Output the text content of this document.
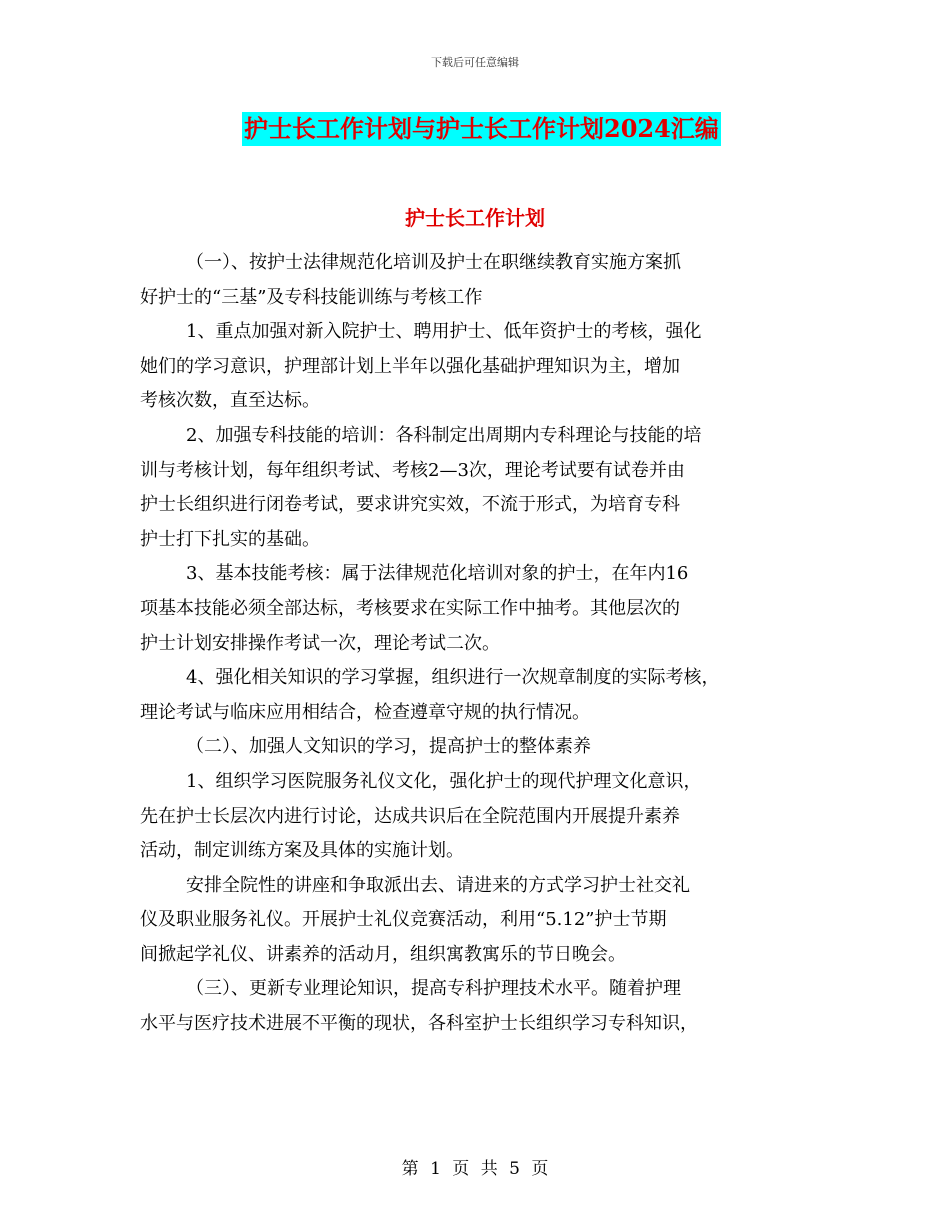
下载后可任意编辑
护士长工作计划与护士长工作计划2024汇编
护士长工作计划
（一）、按护士法律规范化培训及护士在职继续教育实施方案抓
好护士的“三基”及专科技能训练与考核工作
1、重点加强对新入院护士、聘用护士、低年资护士的考核，强化
她们的学习意识，护理部计划上半年以强化基础护理知识为主，增加
考核次数，直至达标。
2、加强专科技能的培训：各科制定出周期内专科理论与技能的培
训与考核计划，每年组织考试、考核2—3次，理论考试要有试卷并由
护士长组织进行闭卷考试，要求讲究实效，不流于形式，为培育专科
护士打下扎实的基础。
3、基本技能考核：属于法律规范化培训对象的护士，在年内16
项基本技能必须全部达标，考核要求在实际工作中抽考。其他层次的
护士计划安排操作考试一次，理论考试二次。
4、强化相关知识的学习掌握，组织进行一次规章制度的实际考核，
理论考试与临床应用相结合，检查遵章守规的执行情况。
（二）、加强人文知识的学习，提高护士的整体素养
1、组织学习医院服务礼仪文化，强化护士的现代护理文化意识，
先在护士长层次内进行讨论，达成共识后在全院范围内开展提升素养
活动，制定训练方案及具体的实施计划。
安排全院性的讲座和争取派出去、请进来的方式学习护士社交礼
仪及职业服务礼仪。开展护士礼仪竞赛活动，利用“5.12”护士节期
间掀起学礼仪、讲素养的活动月，组织寓教寓乐的节日晚会。
（三）、更新专业理论知识，提高专科护理技术水平。随着护理
水平与医疗技术进展不平衡的现状，各科室护士长组织学习专科知识，
第 1 页 共 5 页
